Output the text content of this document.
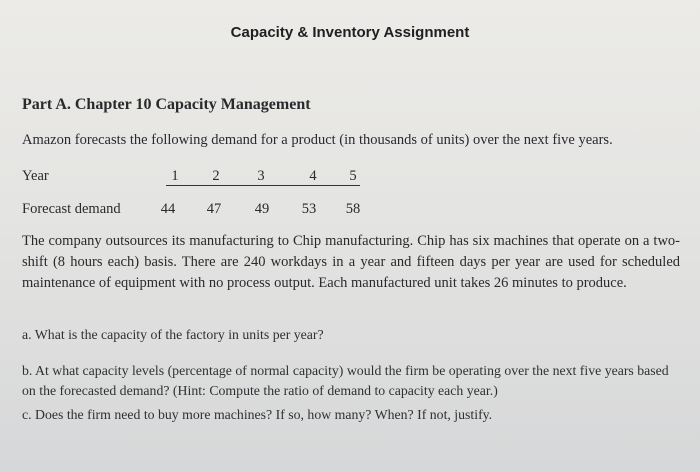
Capacity & Inventory Assignment
Part A. Chapter 10 Capacity Management
Amazon forecasts the following demand for a product (in thousands of units) over the next five years.
Year	1	2	3	4	5
Forecast demand	44	47	49	53	58
The company outsources its manufacturing to Chip manufacturing. Chip has six machines that operate on a two-shift (8 hours each) basis. There are 240 workdays in a year and fifteen days per year are used for scheduled maintenance of equipment with no process output. Each manufactured unit takes 26 minutes to produce.
a. What is the capacity of the factory in units per year?
b. At what capacity levels (percentage of normal capacity) would the firm be operating over the next five years based on the forecasted demand? (Hint: Compute the ratio of demand to capacity each year.)
c. Does the firm need to buy more machines? If so, how many? When? If not, justify.
